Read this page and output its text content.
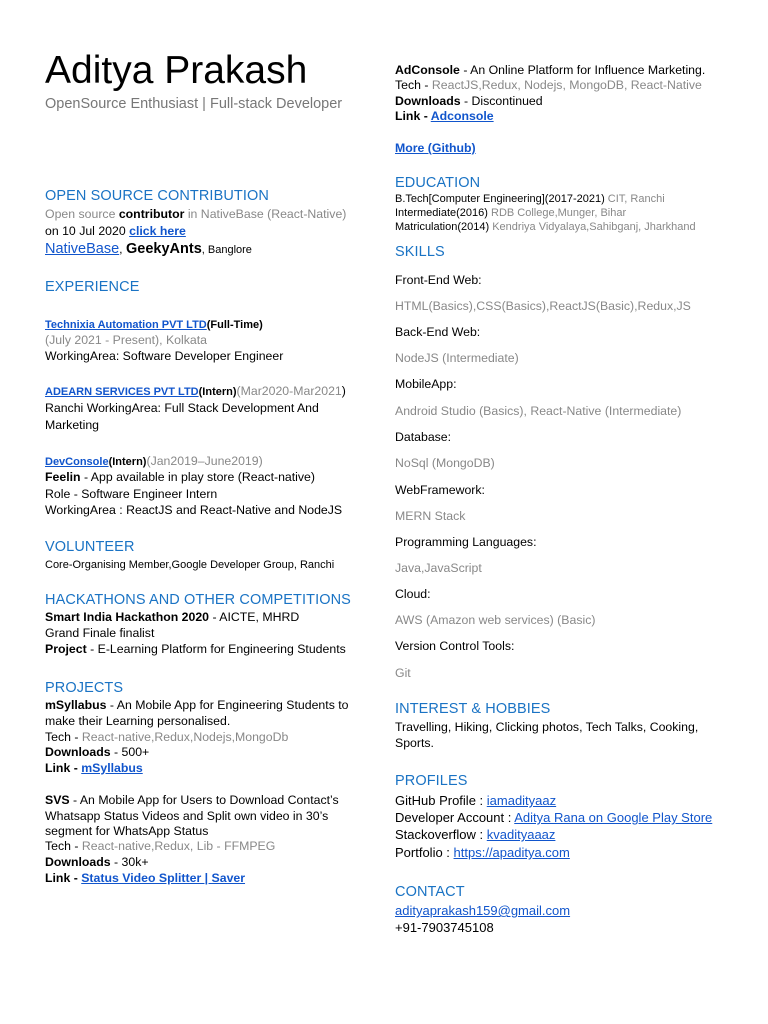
Aditya Prakash
OpenSource Enthusiast | Full-stack Developer
OPEN SOURCE CONTRIBUTION
Open source contributor in NativeBase (React-Native)
on 10 Jul 2020 click here
NativeBase, GeekyAnts, Banglore
EXPERIENCE
Technixia Automation PVT LTD(Full-Time)
(July 2021 - Present), Kolkata
WorkingArea: Software Developer Engineer
ADEARN SERVICES PVT LTD(Intern)(Mar2020-Mar2021)
Ranchi WorkingArea: Full Stack Development And
Marketing
DevConsole(Intern)(Jan2019–June2019)
Feelin - App available in play store (React-native)
Role - Software Engineer Intern
WorkingArea : ReactJS and React-Native and NodeJS
VOLUNTEER
Core-Organising Member,Google Developer Group, Ranchi
HACKATHONS AND OTHER COMPETITIONS
Smart India Hackathon 2020 - AICTE, MHRD
Grand Finale finalist
Project - E-Learning Platform for Engineering Students
PROJECTS
mSyllabus - An Mobile App for Engineering Students to
make their Learning personalised.
Tech - React-native,Redux,Nodejs,MongoDb
Downloads - 500+
Link - mSyllabus
SVS - An Mobile App for Users to Download Contact’s
Whatsapp Status Videos and Split own video in 30’s
segment for WhatsApp Status
Tech - React-native,Redux, Lib - FFMPEG
Downloads - 30k+
Link - Status Video Splitter | Saver
AdConsole - An Online Platform for Influence Marketing.
Tech - ReactJS,Redux, Nodejs, MongoDB, React-Native
Downloads - Discontinued
Link - Adconsole
More (Github)
EDUCATION
B.Tech[Computer Engineering](2017-2021) CIT, Ranchi
Intermediate(2016) RDB College,Munger, Bihar
Matriculation(2014) Kendriya Vidyalaya,Sahibganj, Jharkhand
SKILLS
Front-End Web:
HTML(Basics),CSS(Basics),ReactJS(Basic),Redux,JS
Back-End Web:
NodeJS (Intermediate)
MobileApp:
Android Studio (Basics), React-Native (Intermediate)
Database:
NoSql (MongoDB)
WebFramework:
MERN Stack
Programming Languages:
Java,JavaScript
Cloud:
AWS (Amazon web services) (Basic)
Version Control Tools:
Git
INTEREST & HOBBIES
Travelling, Hiking, Clicking photos, Tech Talks, Cooking,
Sports.
PROFILES
GitHub Profile : iamadityaaz
Developer Account : Aditya Rana on Google Play Store
Stackoverflow : kvadityaaaz
Portfolio : https://apaditya.com
CONTACT
adityaprakash159@gmail.com
+91-7903745108
